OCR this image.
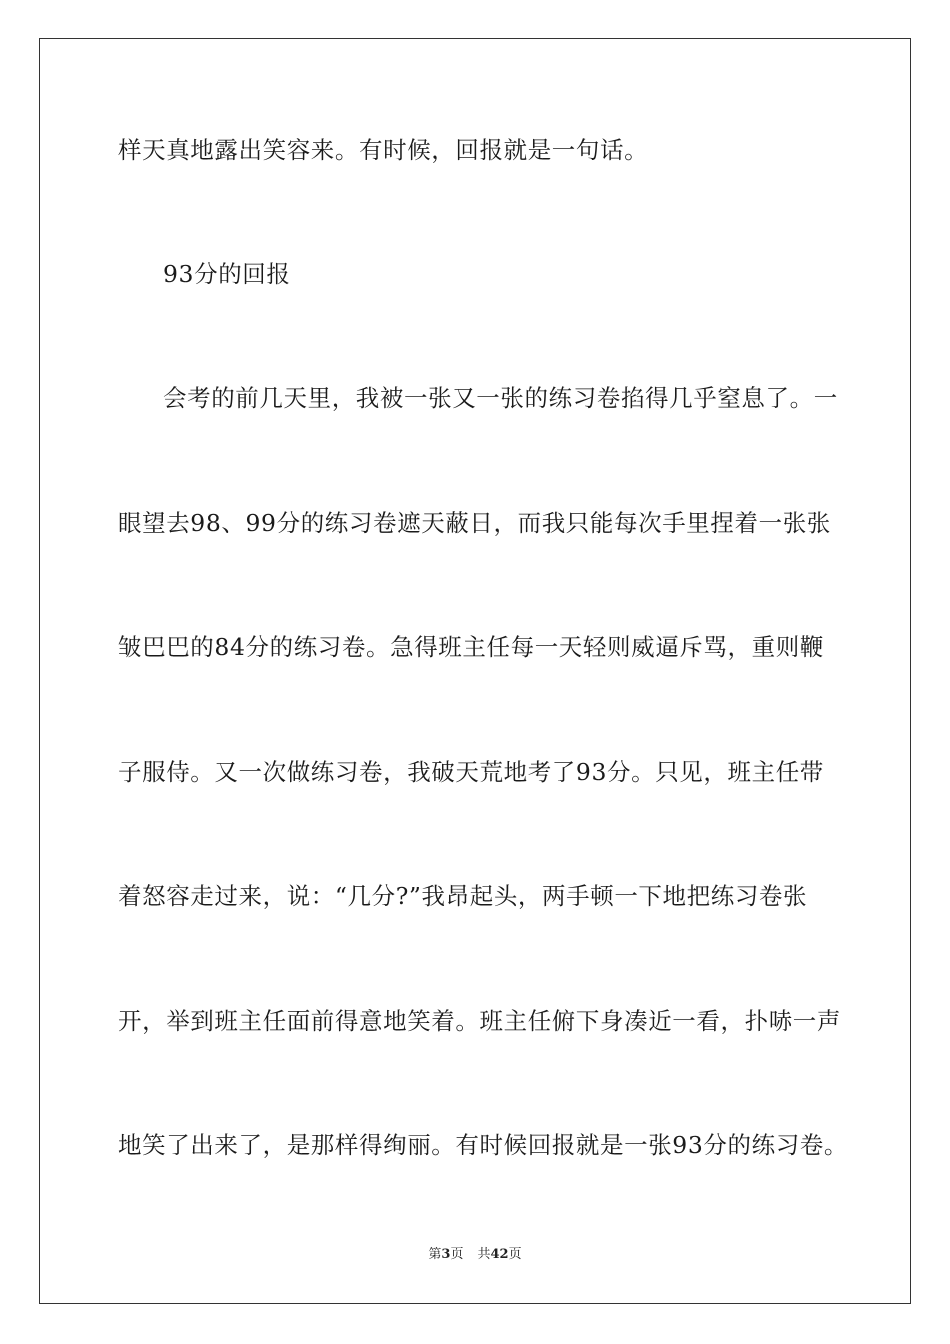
样天真地露出笑容来。有时候，回报就是一句话。
93分的回报
会考的前几天里，我被一张又一张的练习卷掐得几乎窒息了。一
眼望去98、99分的练习卷遮天蔽日，而我只能每次手里捏着一张张
皱巴巴的84分的练习卷。急得班主任每一天轻则威逼斥骂，重则鞭
子服侍。又一次做练习卷，我破天荒地考了93分。只见，班主任带
着怒容走过来，说：“几分?”我昂起头，两手顿一下地把练习卷张
开，举到班主任面前得意地笑着。班主任俯下身凑近一看，扑哧一声
地笑了出来了，是那样得绚丽。有时候回报就是一张93分的练习卷。
第3页 共42页
